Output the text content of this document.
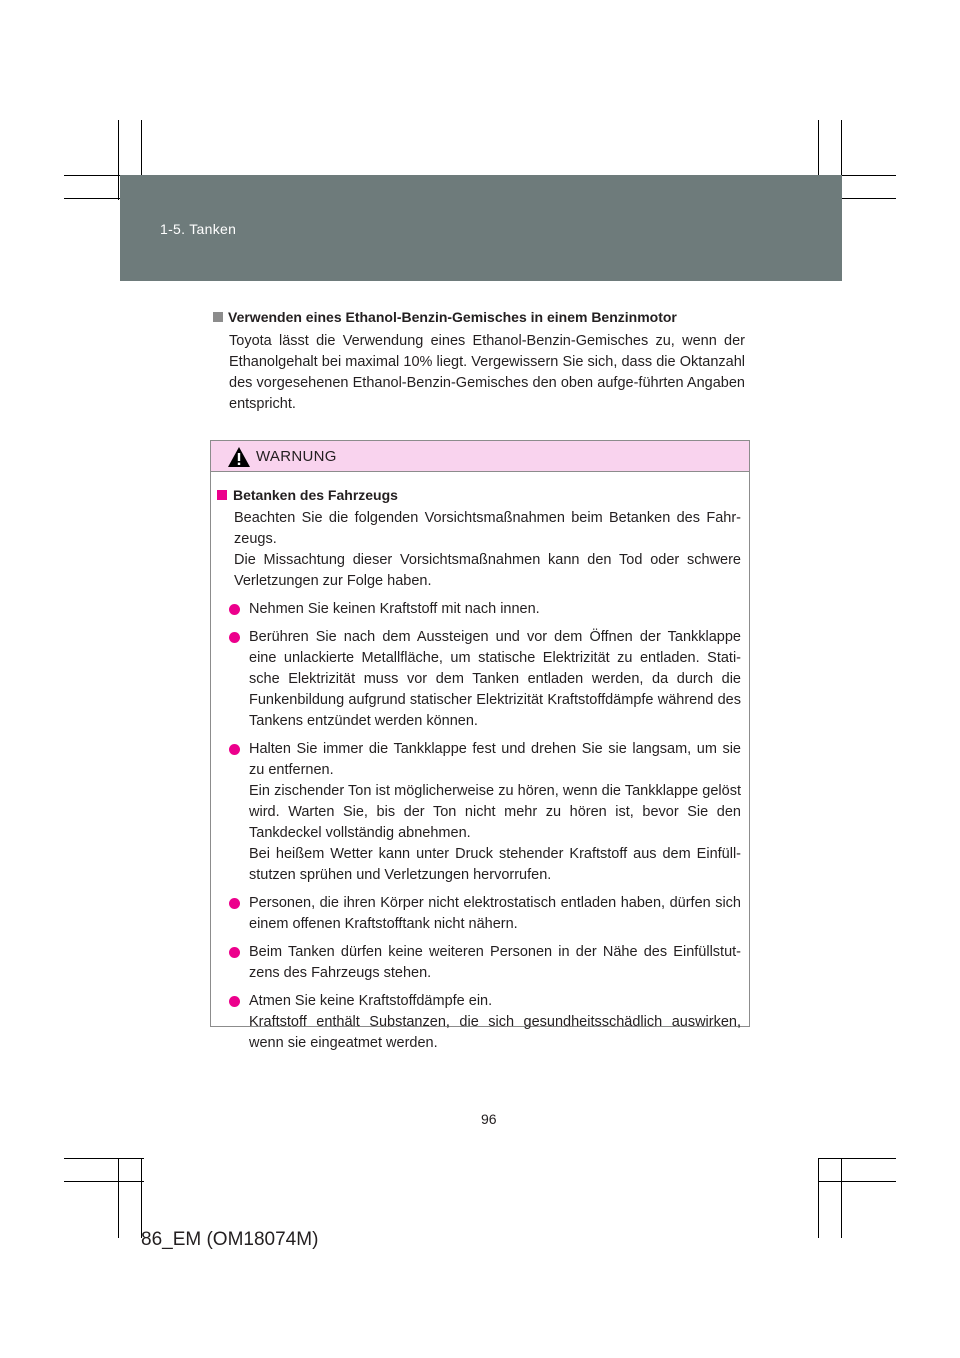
1-5. Tanken
Verwenden eines Ethanol-Benzin-Gemisches in einem Benzinmotor
Toyota lässt die Verwendung eines Ethanol-Benzin-Gemisches zu, wenn der Ethanolgehalt bei maximal 10% liegt. Vergewissern Sie sich, dass die Oktanzahl des vorgesehenen Ethanol-Benzin-Gemisches den oben aufge-führten Angaben entspricht.
WARNUNG
Betanken des Fahrzeugs
Beachten Sie die folgenden Vorsichtsmaßnahmen beim Betanken des Fahr-zeugs.
Die Missachtung dieser Vorsichtsmaßnahmen kann den Tod oder schwere Verletzungen zur Folge haben.
Nehmen Sie keinen Kraftstoff mit nach innen.
Berühren Sie nach dem Aussteigen und vor dem Öffnen der Tankklappe eine unlackierte Metallfläche, um statische Elektrizität zu entladen. Stati-sche Elektrizität muss vor dem Tanken entladen werden, da durch die Funkenbildung aufgrund statischer Elektrizität Kraftstoffdämpfe während des Tankens entzündet werden können.
Halten Sie immer die Tankklappe fest und drehen Sie sie langsam, um sie zu entfernen.
Ein zischender Ton ist möglicherweise zu hören, wenn die Tankklappe gelöst wird. Warten Sie, bis der Ton nicht mehr zu hören ist, bevor Sie den Tankdeckel vollständig abnehmen.
Bei heißem Wetter kann unter Druck stehender Kraftstoff aus dem Einfüll-stutzen sprühen und Verletzungen hervorrufen.
Personen, die ihren Körper nicht elektrostatisch entladen haben, dürfen sich einem offenen Kraftstofftank nicht nähern.
Beim Tanken dürfen keine weiteren Personen in der Nähe des Einfüllstut-zens des Fahrzeugs stehen.
Atmen Sie keine Kraftstoffdämpfe ein.
Kraftstoff enthält Substanzen, die sich gesundheitsschädlich auswirken, wenn sie eingeatmet werden.
96
86_EM (OM18074M)
